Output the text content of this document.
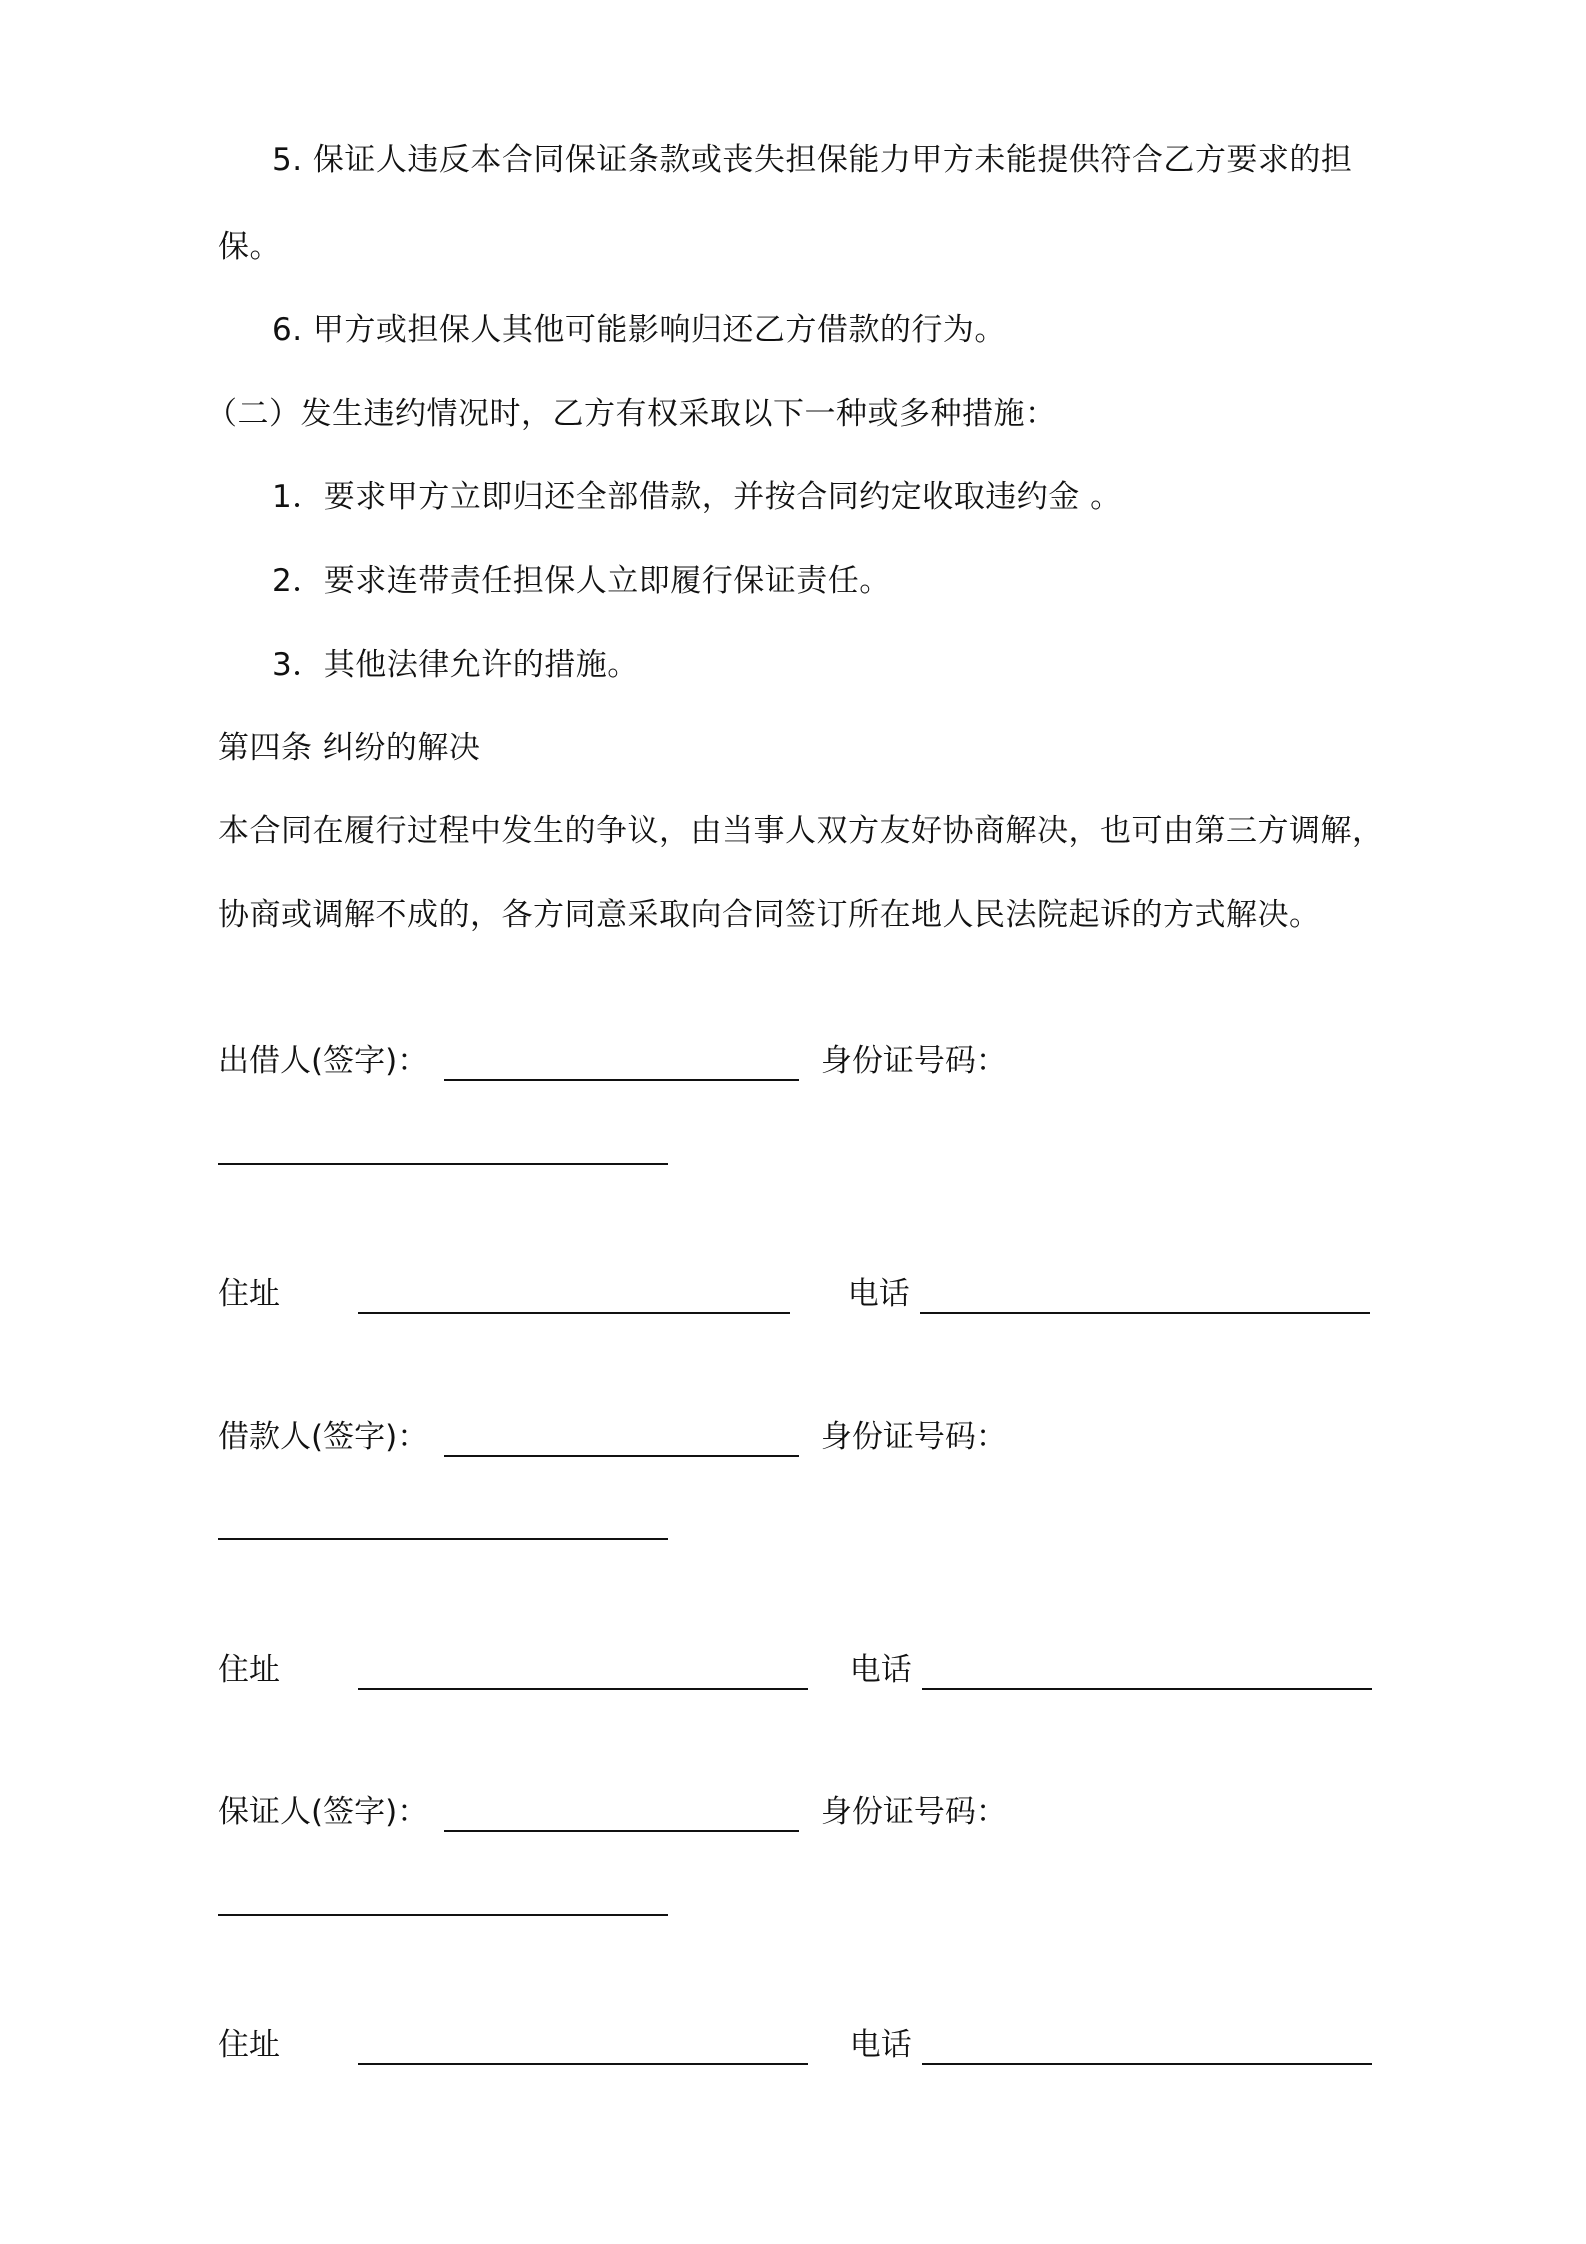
5. 保证人违反本合同保证条款或丧失担保能力甲方未能提供符合乙方要求的担
保。
6. 甲方或担保人其他可能影响归还乙方借款的行为。
（二）发生违约情况时，乙方有权采取以下一种或多种措施：
1．要求甲方立即归还全部借款，并按合同约定收取违约金 。
2．要求连带责任担保人立即履行保证责任。
3．其他法律允许的措施。
第四条 纠纷的解决
本合同在履行过程中发生的争议，由当事人双方友好协商解决，也可由第三方调解，
协商或调解不成的，各方同意采取向合同签订所在地人民法院起诉的方式解决。
出借人(签字)：	身份证号码：
住址	电话
借款人(签字)：	身份证号码：
住址	电话
保证人(签字)：	身份证号码：
住址	电话
